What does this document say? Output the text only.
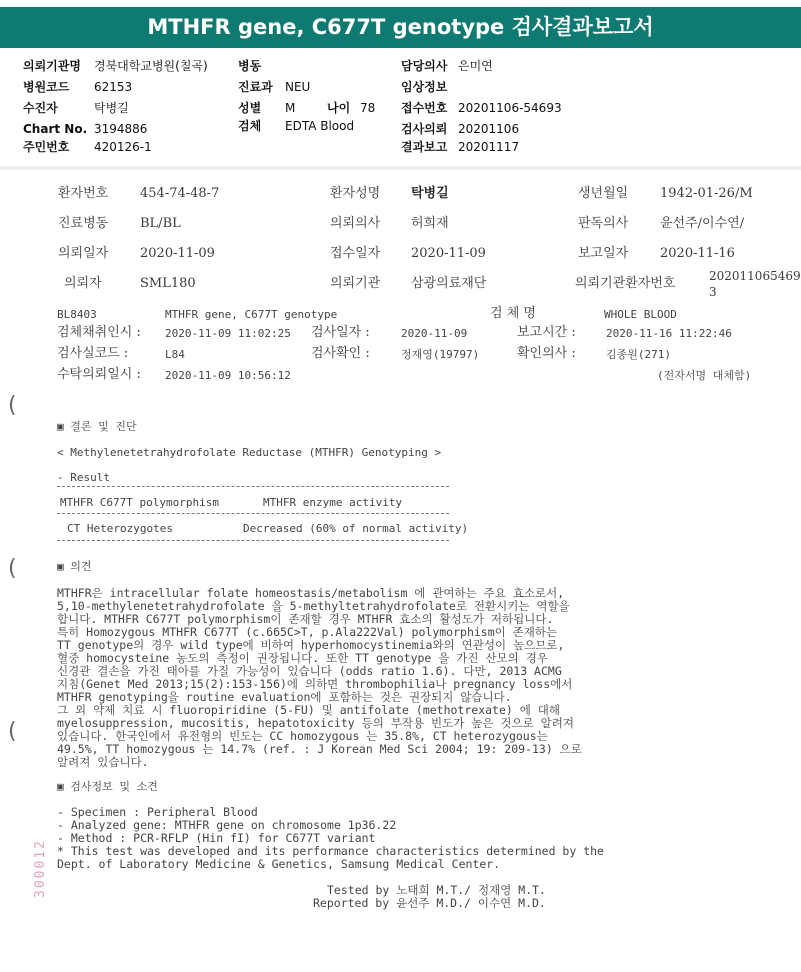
MTHFR gene, C677T genotype 검사결과보고서
의뢰기관명 경북대학교병원(칠곡)
병원코드 62153
수진자	탁병길
Chart No. 3194886
주민번호 420126-1
병동
진료과 NEU
성별 M	나이 78
검체 EDTA Blood
담당의사 은미연
임상정보
접수번호 20201106-54693
검사의뢰 20201106
결과보고 20201117
환자번호 454-74-48-7	환자성명 탁병길	생년월일 1942-01-26/M
진료병동 BL/BL	의뢰의사 허희재	판독의사 윤선주/이수연/
의뢰일자 2020-11-09	접수일자 2020-11-09	보고일자 2020-11-16
의뢰자	SML180	의뢰기관 삼광의료재단	의뢰기관환자번호	202011065469
3
BL8403	MTHFR gene, C677T genotype	검 체 명	WHOLE BLOOD
검체채취인시 : 2020-11-09 11:02:25 검사일자 :	2020-11-09	보고시간 :	2020-11-16 11:22:46
검사실코드 :	L84	검사확인 :	정재영(19797)	확인의사 :	김종원(271)
수탁의뢰일시 : 2020-11-09 10:56:12	(전자서명 대체함)
(
(
(
▣ 결론 및 진단
< Methylenetetrahydrofolate Reductase (MTHFR) Genotyping >
- Result
MTHFR C677T polymorphism	MTHFR enzyme activity
CT Heterozygotes	Decreased (60% of normal activity)
▣ 의견
MTHFR은 intracellular folate homeostasis/metabolism 에 관여하는 주요 효소로서,
5,10-methylenetetrahydrofolate 을 5-methyltetrahydrofolate로 전환시키는 역할을
합니다. MTHFR C677T polymorphism이 존재할 경우 MTHFR 효소의 활성도가 저하됩니다.
특히 Homozygous MTHFR C677T (c.665C>T, p.Ala222Val) polymorphism이 존재하는
TT genotype의 경우 wild type에 비하여 hyperhomocystinemia와의 연관성이 높으므로,
혈중 homocysteine 농도의 측정이 권장됩니다. 또한 TT genotype 을 가진 산모의 경우
신경관 결손을 가진 태아를 가질 가능성이 있습니다 (odds ratio 1.6). 다만, 2013 ACMG
지침(Genet Med 2013;15(2):153-156)에 의하면 thrombophilia나 pregnancy loss에서
MTHFR genotyping을 routine evaluation에 포함하는 것은 권장되지 않습니다.
그 외 약제 치료 시 fluoropiridine (5-FU) 및 antifolate (methotrexate) 에 대해
myelosuppression, mucositis, hepatotoxicity 등의 부작용 빈도가 높은 것으로 알려져
있습니다. 한국인에서 유전형의 빈도는 CC homozygous 는 35.8%, CT heterozygous는
49.5%, TT homozygous 는 14.7% (ref. : J Korean Med Sci 2004; 19: 209-13) 으로
알려져 있습니다.
▣ 검사정보 및 소견
- Specimen : Peripheral Blood
- Analyzed gene: MTHFR gene on chromosome 1p36.22
- Method : PCR-RFLP (Hin fI) for C677T variant
* This test was developed and its performance characteristics determined by the
Dept. of Laboratory Medicine & Genetics, Samsung Medical Center.
Tested by 노태희 M.T./ 정재영 M.T.
Reported by 윤선주 M.D./ 이수연 M.D.
300012
